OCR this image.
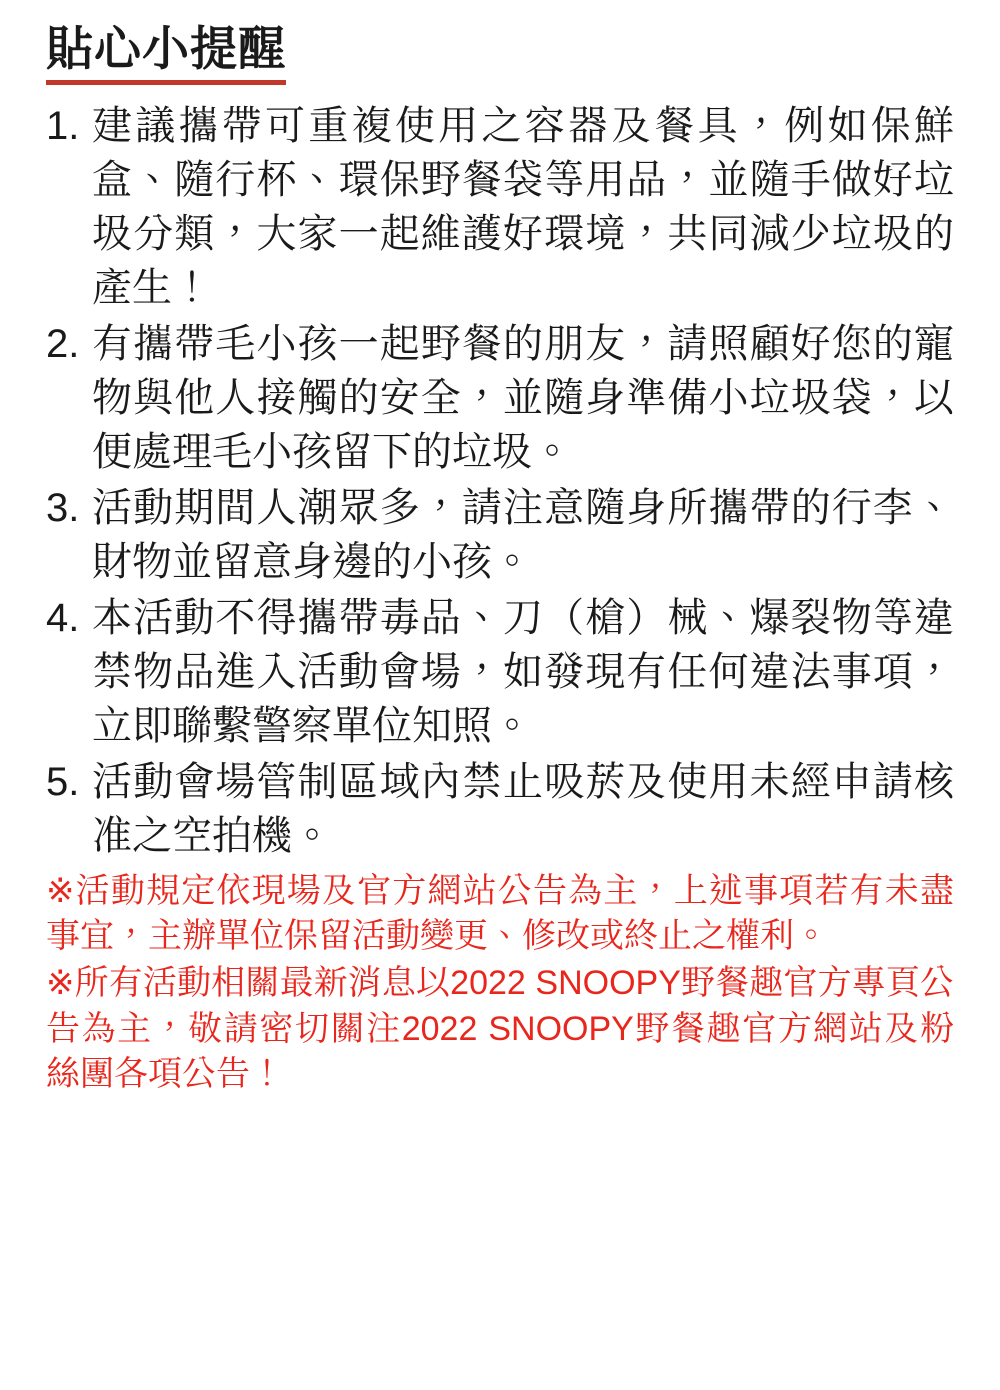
貼心小提醒
1. 建議攜帶可重複使用之容器及餐具，例如保鮮盒、隨行杯、環保野餐袋等用品，並隨手做好垃圾分類，大家一起維護好環境，共同減少垃圾的產生！
2. 有攜帶毛小孩一起野餐的朋友，請照顧好您的寵物與他人接觸的安全，並隨身準備小垃圾袋，以便處理毛小孩留下的垃圾。
3. 活動期間人潮眾多，請注意隨身所攜帶的行李、財物並留意身邊的小孩。
4. 本活動不得攜帶毒品、刀（槍）械、爆裂物等違禁物品進入活動會場，如發現有任何違法事項，立即聯繫警察單位知照。
5. 活動會場管制區域內禁止吸菸及使用未經申請核准之空拍機。

※活動規定依現場及官方網站公告為主，上述事項若有未盡事宜，主辦單位保留活動變更、修改或終止之權利。

※所有活動相關最新消息以2022 SNOOPY野餐趣官方專頁公告為主，敬請密切關注2022 SNOOPY野餐趣官方網站及粉絲團各項公告！
